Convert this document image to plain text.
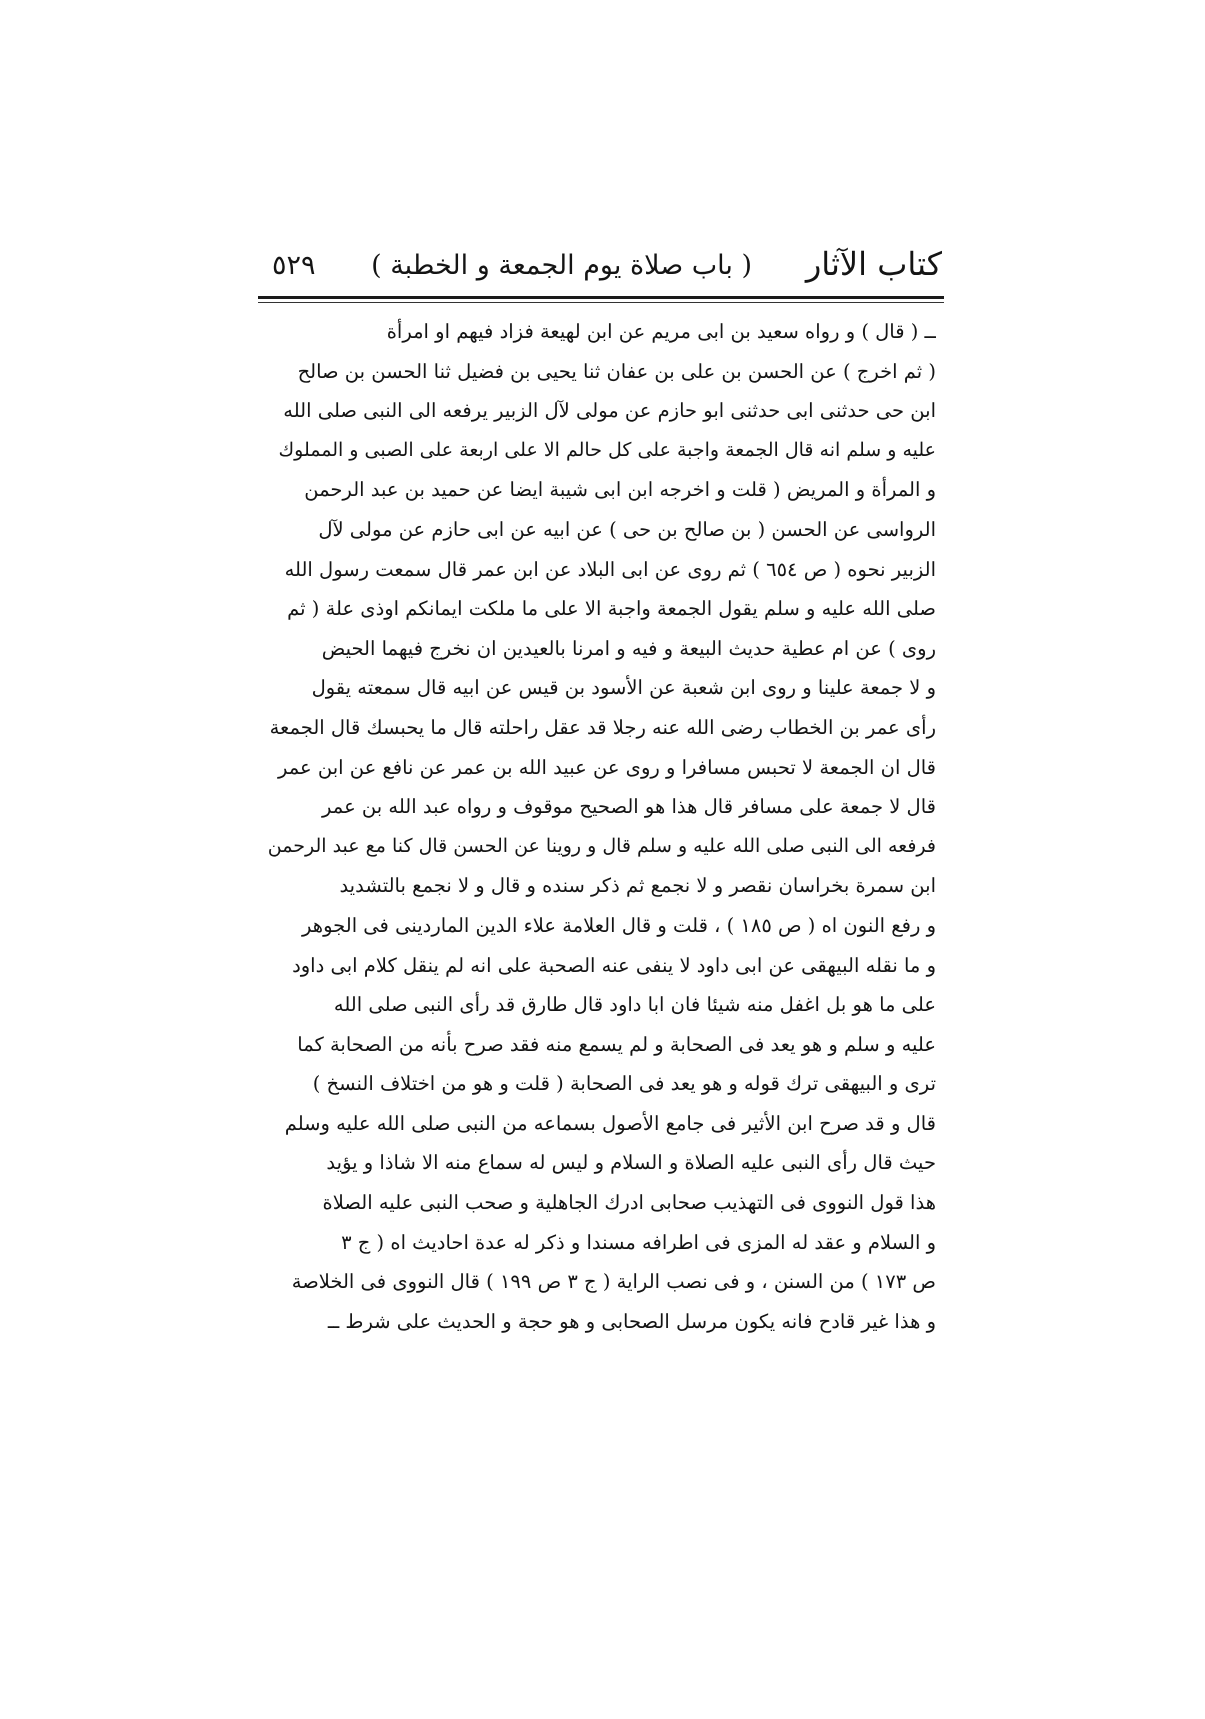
كتاب الآثار
( باب صلاة يوم الجمعة و الخطبة )
٥٢٩
ــ ( قال ) و رواه سعيد بن ابى مريم عن ابن لهيعة فزاد فيهم او امرأة
( ثم اخرج ) عن الحسن بن على بن عفان ثنا يحيى بن فضيل ثنا الحسن بن صالح
ابن حى حدثنى ابى حدثنى ابو حازم عن مولى لآل الزبير يرفعه الى النبى صلى الله
عليه و سلم انه قال الجمعة واجبة على كل حالم الا على اربعة على الصبى و المملوك
و المرأة و المريض ( قلت و اخرجه ابن ابى شيبة ايضا عن حميد بن عبد الرحمن
الرواسى عن الحسن ( بن صالح بن حى ) عن ابيه عن ابى حازم عن مولى لآل
الزبير نحوه ( ص ٦٥٤ ) ثم روى عن ابى البلاد عن ابن عمر قال سمعت رسول الله
صلى الله عليه و سلم يقول الجمعة واجبة الا على ما ملكت ايمانكم اوذى علة ( ثم
روى ) عن ام عطية حديث البيعة و فيه و امرنا بالعيدين ان نخرج فيهما الحيض
و لا جمعة علينا و روى ابن شعبة عن الأسود بن قيس عن ابيه قال سمعته يقول
رأى عمر بن الخطاب رضى الله عنه رجلا قد عقل راحلته قال ما يحبسك قال الجمعة
قال ان الجمعة لا تحبس مسافرا و روى عن عبيد الله بن عمر عن نافع عن ابن عمر
قال لا جمعة على مسافر قال هذا هو الصحيح موقوف و رواه عبد الله بن عمر
فرفعه الى النبى صلى الله عليه و سلم قال و روينا عن الحسن قال كنا مع عبد الرحمن
ابن سمرة بخراسان نقصر و لا نجمع ثم ذكر سنده و قال و لا نجمع بالتشديد
و رفع النون اه ( ص ١٨٥ ) ، قلت و قال العلامة علاء الدين الماردينى فى الجوهر
و ما نقله البيهقى عن ابى داود لا ينفى عنه الصحبة على انه لم ينقل كلام ابى داود
على ما هو بل اغفل منه شيئا فان ابا داود قال طارق قد رأى النبى صلى الله
عليه و سلم و هو يعد فى الصحابة و لم يسمع منه فقد صرح بأنه من الصحابة كما
ترى و البيهقى ترك قوله و هو يعد فى الصحابة ( قلت و هو من اختلاف النسخ )
قال و قد صرح ابن الأثير فى جامع الأصول بسماعه من النبى صلى الله عليه وسلم
حيث قال رأى النبى عليه الصلاة و السلام و ليس له سماع منه الا شاذا و يؤيد
هذا قول النووى فى التهذيب صحابى ادرك الجاهلية و صحب النبى عليه الصلاة
و السلام و عقد له المزى فى اطرافه مسندا و ذكر له عدة احاديث اه ( ج ٣
ص ١٧٣ ) من السنن ، و فى نصب الراية ( ج ٣ ص ١٩٩ ) قال النووى فى الخلاصة
و هذا غير قادح فانه يكون مرسل الصحابى و هو حجة و الحديث على شرط ــ
